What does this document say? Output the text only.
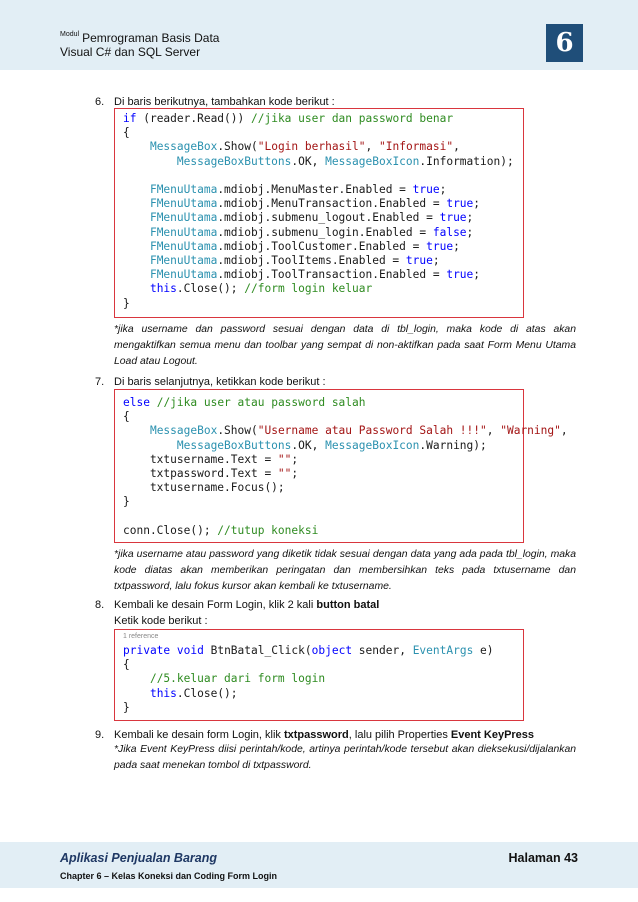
$^{Modul}$ Pemrograman Basis Data
Visual C# dan SQL Server	6
6. Di baris berikutnya, tambahkan kode berikut :
if (reader.Read()) //jika user dan password benar
{
MessageBox.Show("Login berhasil", "Informasi",
MessageBoxButtons.OK, MessageBoxIcon.Information);

FMenuUtama.mdiobj.MenuMaster.Enabled = true;
FMenuUtama.mdiobj.MenuTransaction.Enabled = true;
FMenuUtama.mdiobj.submenu_logout.Enabled = true;
FMenuUtama.mdiobj.submenu_login.Enabled = false;
FMenuUtama.mdiobj.ToolCustomer.Enabled = true;
FMenuUtama.mdiobj.ToolItems.Enabled = true;
FMenuUtama.mdiobj.ToolTransaction.Enabled = true;
this.Close(); //form login keluar
}
*jika username dan password sesuai dengan data di tbl_login, maka kode di atas akan mengaktifkan semua menu dan toolbar yang sempat di non-aktifkan pada saat Form Menu Utama Load atau Logout.
7. Di baris selanjutnya, ketikkan kode berikut :
else //jika user atau password salah
{
MessageBox.Show("Username atau Password Salah !!!", "Warning",
MessageBoxButtons.OK, MessageBoxIcon.Warning);
txtusername.Text = "";
txtpassword.Text = "";
txtusername.Focus();
}

conn.Close(); //tutup koneksi
*jika username atau password yang diketik tidak sesuai dengan data yang ada pada tbl_login, maka kode diatas akan memberikan peringatan dan membersihkan teks pada txtusername dan txtpassword, lalu fokus kursor akan kembali ke txtusername.
8. Kembali ke desain Form Login, klik 2 kali button batal
Ketik kode berikut :
1 reference
private void BtnBatal_Click(object sender, EventArgs e)
{
//5.keluar dari form login
this.Close();
}
9. Kembali ke desain form Login, klik txtpassword, lalu pilih Properties Event KeyPress
*Jika Event KeyPress diisi perintah/kode, artinya perintah/kode tersebut akan dieksekusi/dijalankan pada saat menekan tombol di txtpassword.
Aplikasi Penjualan Barang	Halaman 43
Chapter 6 – Kelas Koneksi dan Coding Form Login
